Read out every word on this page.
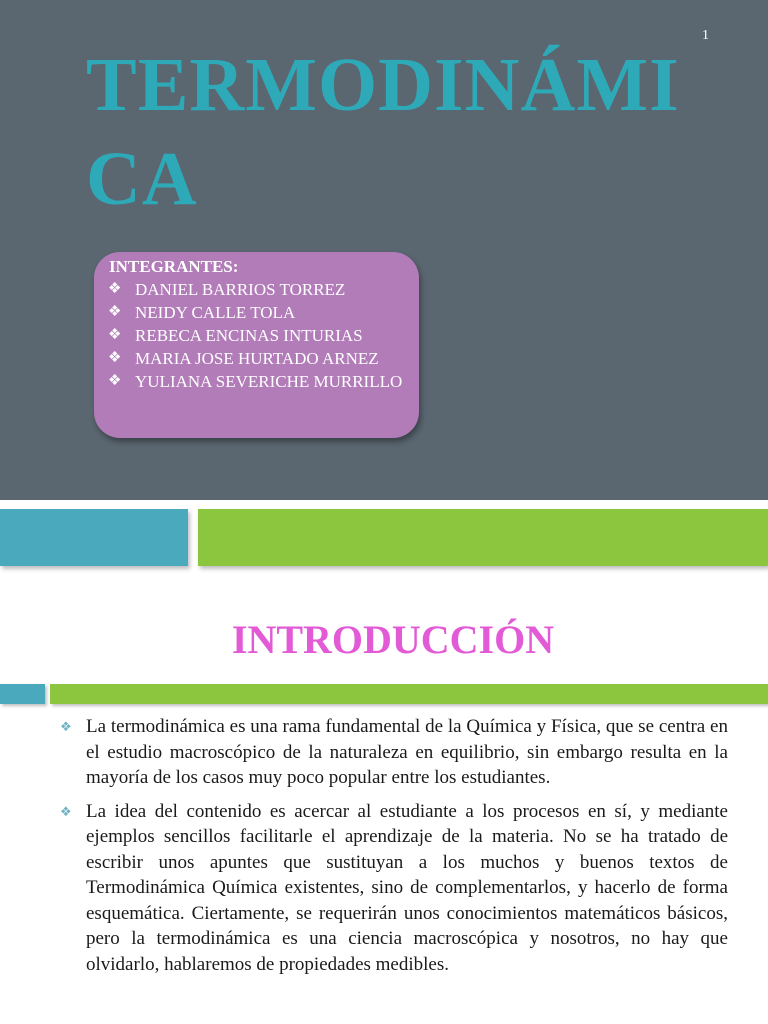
1
TERMODINÁMI
CA
INTEGRANTES:
❖ DANIEL BARRIOS TORREZ
❖ NEIDY CALLE TOLA
❖ REBECA ENCINAS INTURIAS
❖ MARIA JOSE HURTADO ARNEZ
❖ YULIANA SEVERICHE MURRILLO
INTRODUCCIÓN
❖ La termodinámica es una rama fundamental de la Química y Física, que se centra en el estudio macroscópico de la naturaleza en equilibrio, sin embargo resulta en la mayoría de los casos muy poco popular entre los estudiantes.
❖ La idea del contenido es acercar al estudiante a los procesos en sí, y mediante ejemplos sencillos facilitarle el aprendizaje de la materia. No se ha tratado de escribir unos apuntes que sustituyan a los muchos y buenos textos de Termodinámica Química existentes, sino de complementarlos, y hacerlo de forma esquemática. Ciertamente, se requerirán unos conocimientos matemáticos básicos, pero la termodinámica es una ciencia macroscópica y nosotros, no hay que olvidarlo, hablaremos de propiedades medibles.
